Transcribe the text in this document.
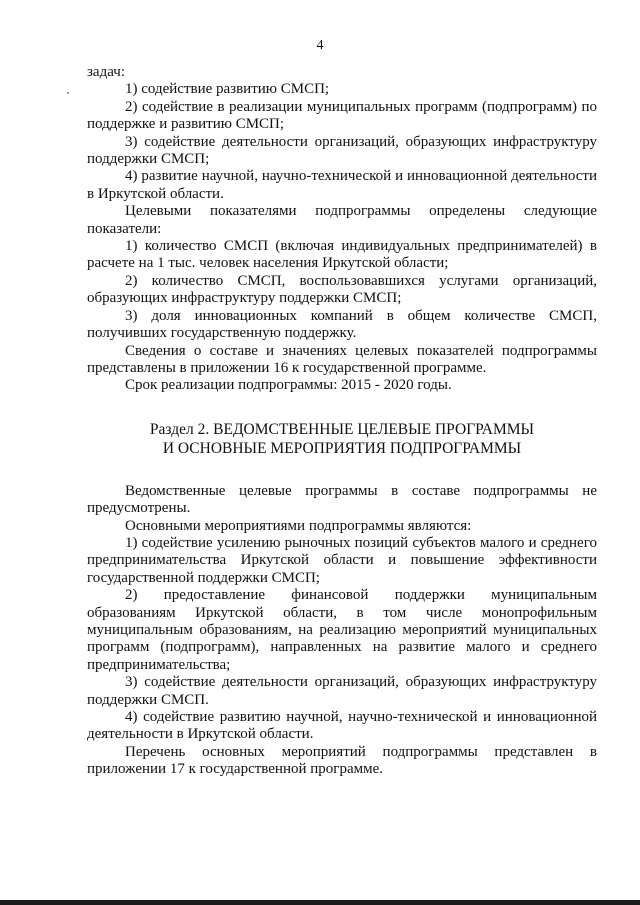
4

задач:

1) содействие развитию СМСП;

2) содействие в реализации муниципальных программ (подпрограмм) по поддержке и развитию СМСП;

3) содействие деятельности организаций, образующих инфраструктуру поддержки СМСП;

4) развитие научной, научно-технической и инновационной деятельности в Иркутской области.

Целевыми показателями подпрограммы определены следующие показатели:

1) количество СМСП (включая индивидуальных предпринимателей) в расчете на 1 тыс. человек населения Иркутской области;

2) количество СМСП, воспользовавшихся услугами организаций, образующих инфраструктуру поддержки СМСП;

3) доля инновационных компаний в общем количестве СМСП, получивших государственную поддержку.

Сведения о составе и значениях целевых показателей подпрограммы представлены в приложении 16 к государственной программе.

Срок реализации подпрограммы: 2015 - 2020 годы.

Раздел 2. ВЕДОМСТВЕННЫЕ ЦЕЛЕВЫЕ ПРОГРАММЫ
И ОСНОВНЫЕ МЕРОПРИЯТИЯ ПОДПРОГРАММЫ

Ведомственные целевые программы в составе подпрограммы не предусмотрены.

Основными мероприятиями подпрограммы являются:

1) содействие усилению рыночных позиций субъектов малого и среднего предпринимательства Иркутской области и повышение эффективности государственной поддержки СМСП;

2) предоставление финансовой поддержки муниципальным образованиям Иркутской области, в том числе монопрофильным муниципальным образованиям, на реализацию мероприятий муниципальных программ (подпрограмм), направленных на развитие малого и среднего предпринимательства;

3) содействие деятельности организаций, образующих инфраструктуру поддержки СМСП.

4) содействие развитию научной, научно-технической и инновационной деятельности в Иркутской области.

Перечень основных мероприятий подпрограммы представлен в приложении 17 к государственной программе.
